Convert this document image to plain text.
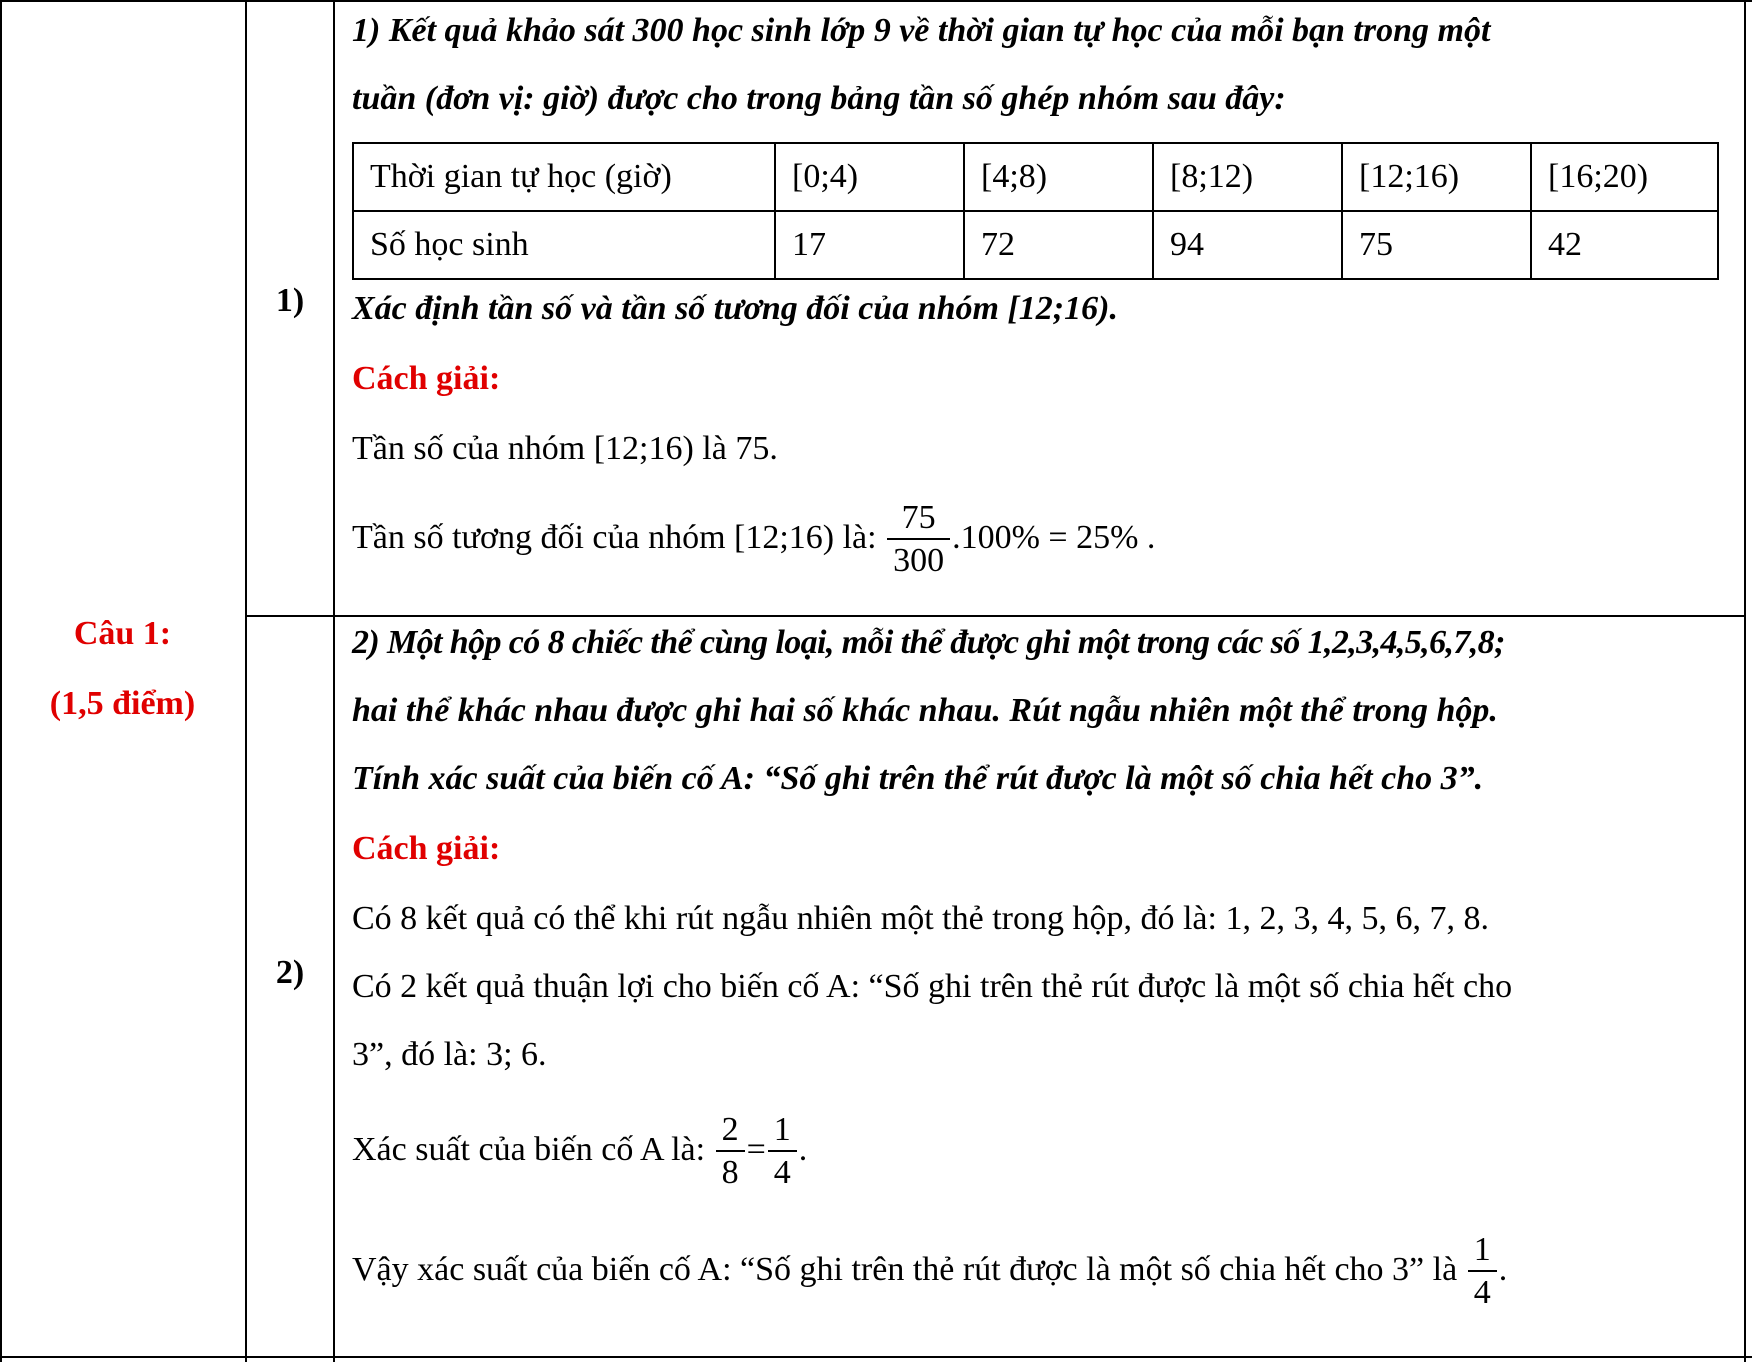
Câu 1:
(1,5 điểm)
1)
2)
1) Kết quả khảo sát 300 học sinh lớp 9 về thời gian tự học của mỗi bạn trong một
tuần (đơn vị: giờ) được cho trong bảng tần số ghép nhóm sau đây:
Thời gian tự học (giờ)	[0;4)	[4;8)	[8;12)	[12;16)	[16;20)
Số học sinh	17	72	94	75	42
Xác định tần số và tần số tương đối của nhóm [12;16).
Cách giải:
Tần số của nhóm [12;16) là 75.
Tần số tương đối của nhóm [12;16) là: $\frac{75}{300} .100\% = 25\%$ .
2) Một hộp có 8 chiếc thể cùng loại, mỗi thể được ghi một trong các số 1,2,3,4,5,6,7,8;
hai thể khác nhau được ghi hai số khác nhau. Rút ngẫu nhiên một thể trong hộp.
Tính xác suất của biến cố A: “Số ghi trên thể rút được là một số chia hết cho 3”.
Cách giải:
Có 8 kết quả có thể khi rút ngẫu nhiên một thẻ trong hộp, đó là: 1, 2, 3, 4, 5, 6, 7, 8.
Có 2 kết quả thuận lợi cho biến cố A: “Số ghi trên thẻ rút được là một số chia hết cho
3”, đó là: 3; 6.
Xác suất của biến cố A là: $\frac{2}{8} = \frac{1}{4}$ .
Vậy xác suất của biến cố A: “Số ghi trên thẻ rút được là một số chia hết cho 3” là $\frac{1}{4}$ .
